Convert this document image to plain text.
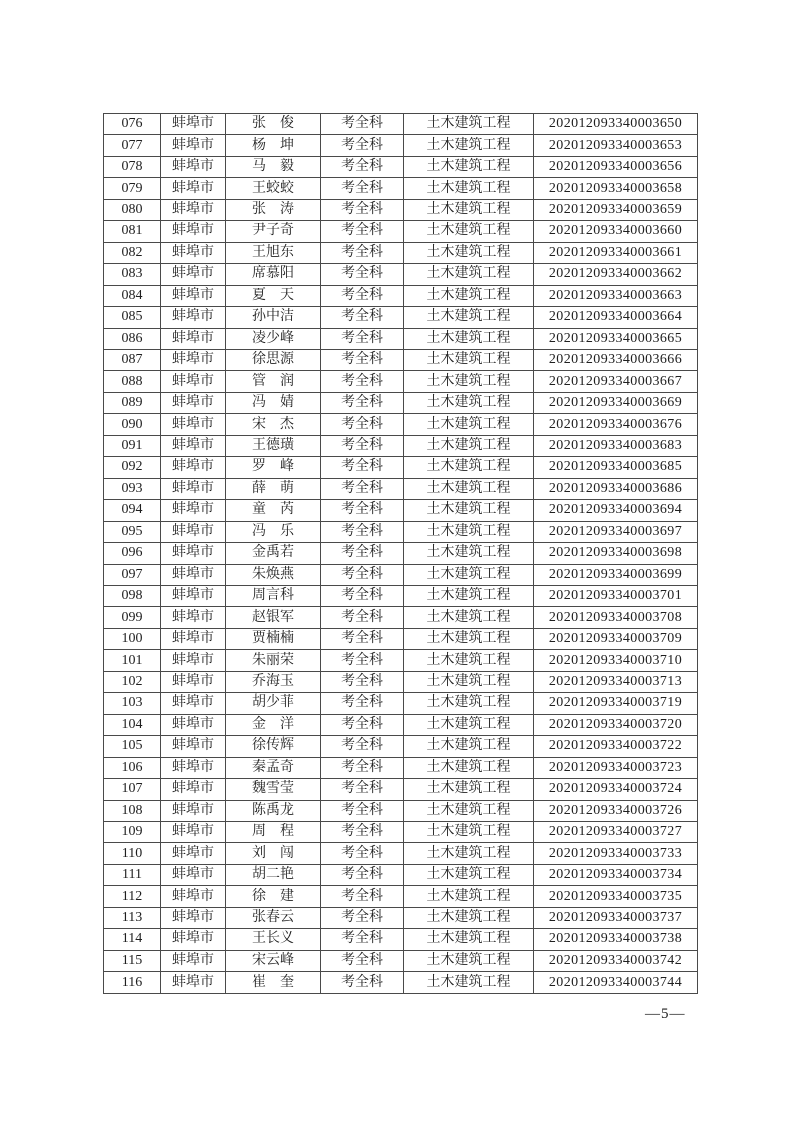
076	蚌埠市	张　俊	考全科	土木建筑工程	202012093340003650
077	蚌埠市	杨　坤	考全科	土木建筑工程	202012093340003653
078	蚌埠市	马　毅	考全科	土木建筑工程	202012093340003656
079	蚌埠市	王蛟蛟	考全科	土木建筑工程	202012093340003658
080	蚌埠市	张　涛	考全科	土木建筑工程	202012093340003659
081	蚌埠市	尹子奇	考全科	土木建筑工程	202012093340003660
082	蚌埠市	王旭东	考全科	土木建筑工程	202012093340003661
083	蚌埠市	席慕阳	考全科	土木建筑工程	202012093340003662
084	蚌埠市	夏　天	考全科	土木建筑工程	202012093340003663
085	蚌埠市	孙中洁	考全科	土木建筑工程	202012093340003664
086	蚌埠市	凌少峰	考全科	土木建筑工程	202012093340003665
087	蚌埠市	徐思源	考全科	土木建筑工程	202012093340003666
088	蚌埠市	管　润	考全科	土木建筑工程	202012093340003667
089	蚌埠市	冯　婧	考全科	土木建筑工程	202012093340003669
090	蚌埠市	宋　杰	考全科	土木建筑工程	202012093340003676
091	蚌埠市	王德璜	考全科	土木建筑工程	202012093340003683
092	蚌埠市	罗　峰	考全科	土木建筑工程	202012093340003685
093	蚌埠市	薛　萌	考全科	土木建筑工程	202012093340003686
094	蚌埠市	童　芮	考全科	土木建筑工程	202012093340003694
095	蚌埠市	冯　乐	考全科	土木建筑工程	202012093340003697
096	蚌埠市	金禹若	考全科	土木建筑工程	202012093340003698
097	蚌埠市	朱焕燕	考全科	土木建筑工程	202012093340003699
098	蚌埠市	周言科	考全科	土木建筑工程	202012093340003701
099	蚌埠市	赵银军	考全科	土木建筑工程	202012093340003708
100	蚌埠市	贾楠楠	考全科	土木建筑工程	202012093340003709
101	蚌埠市	朱丽荣	考全科	土木建筑工程	202012093340003710
102	蚌埠市	乔海玉	考全科	土木建筑工程	202012093340003713
103	蚌埠市	胡少菲	考全科	土木建筑工程	202012093340003719
104	蚌埠市	金　洋	考全科	土木建筑工程	202012093340003720
105	蚌埠市	徐传辉	考全科	土木建筑工程	202012093340003722
106	蚌埠市	秦孟奇	考全科	土木建筑工程	202012093340003723
107	蚌埠市	魏雪莹	考全科	土木建筑工程	202012093340003724
108	蚌埠市	陈禹龙	考全科	土木建筑工程	202012093340003726
109	蚌埠市	周　程	考全科	土木建筑工程	202012093340003727
110	蚌埠市	刘　闯	考全科	土木建筑工程	202012093340003733
111	蚌埠市	胡二艳	考全科	土木建筑工程	202012093340003734
112	蚌埠市	徐　建	考全科	土木建筑工程	202012093340003735
113	蚌埠市	张春云	考全科	土木建筑工程	202012093340003737
114	蚌埠市	王长义	考全科	土木建筑工程	202012093340003738
115	蚌埠市	宋云峰	考全科	土木建筑工程	202012093340003742
116	蚌埠市	崔　奎	考全科	土木建筑工程	202012093340003744
—5—
